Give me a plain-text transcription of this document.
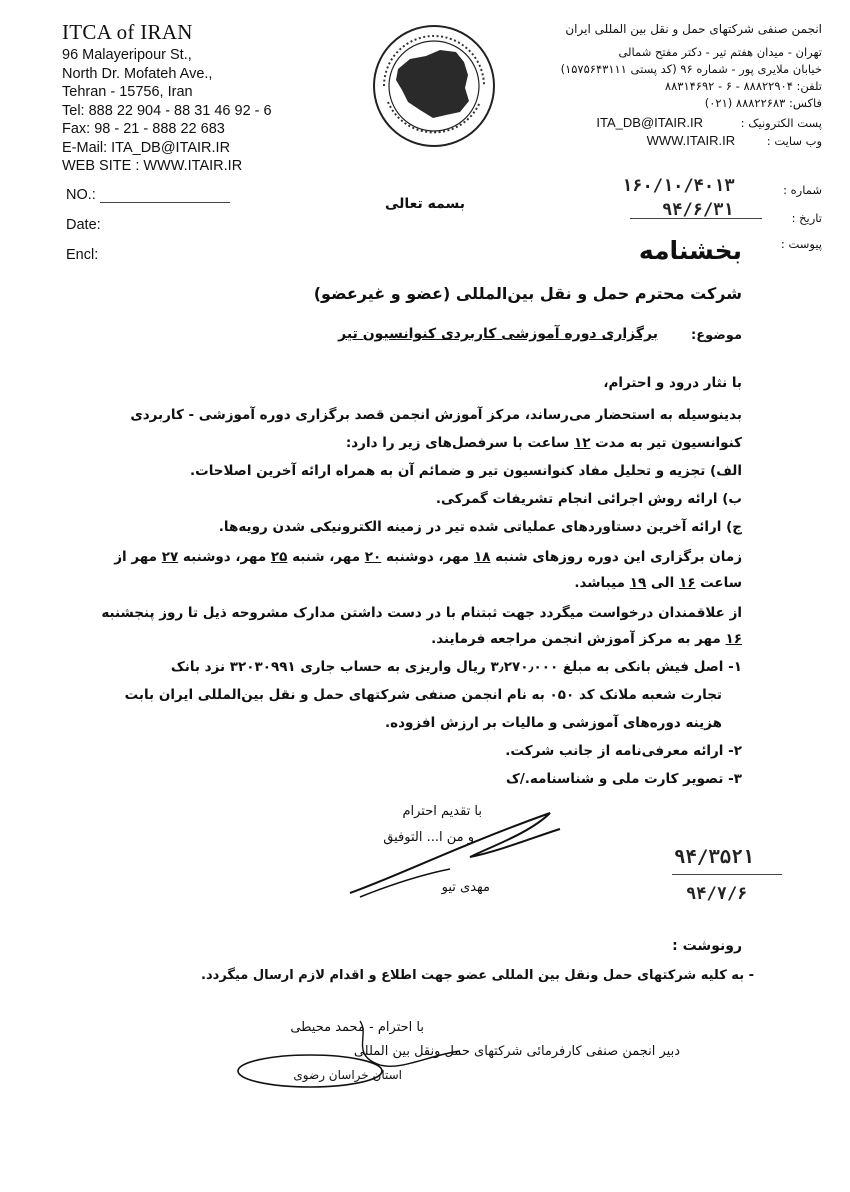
ITCA of IRAN
96 Malayeripour St.,
North Dr. Mofateh Ave.,
Tehran - 15756, Iran
Tel: 888 22 904 - 88 31 46 92 - 6
Fax: 98 - 21 - 888 22 683
E-Mail: ITA_DB@ITAIR.IR
WEB SITE : WWW.ITAIR.IR
انجمن صنفی شرکتهای حمل و نقل بین المللی ایران
تهران - میدان هفتم تیر - دکتر مفتح شمالی
خیابان ملایری پور - شماره ۹۶ (کد پستی ۱۵۷۵۶۴۳۱۱۱)
تلفن: ۸۸۸۲۲۹۰۴ - ۶ - ۸۸۳۱۴۶۹۲
فاکس: ۸۸۸۲۲۶۸۳ (۰۲۱)
پست الکترونیک : ITA_DB@ITAIR.IR
وب سایت : WWW.ITAIR.IR
NO.:
Date:
Encl:
بسمه تعالی
شماره :
تاریخ :
پیوست :
۱۶۰/۱۰/۴۰۱۳
۹۴/۶/۳۱
بخشنامه
شرکت محترم حمل و نقل بین‌المللی (عضو و غیرعضو)
موضوع:
برگزاری دوره آموزشی کاربردی کنوانسیون تیر
با نثار درود و احترام،
بدینوسیله به استحضار می‌رساند، مرکز آموزش انجمن قصد برگزاری دوره آموزشی - کاربردی
کنوانسیون تیر به مدت ۱۲ ساعت با سرفصل‌های زیر را دارد:
الف) تجزیه و تحلیل مفاد کنوانسیون تیر و ضمائم آن به همراه ارائه آخرین اصلاحات.
ب) ارائه روش اجرائی انجام تشریفات گمرکی.
ج) ارائه آخرین دستاوردهای عملیاتی شده تیر در زمینه الکترونیکی شدن رویه‌ها.
زمان برگزاری این دوره روزهای شنبه ۱۸ مهر، دوشنبه ۲۰ مهر، شنبه ۲۵ مهر، دوشنبه ۲۷ مهر از
ساعت ۱۶ الی ۱۹ میباشد.
از علاقمندان درخواست میگردد جهت ثبتنام با در دست داشتن مدارک مشروحه ذیل تا روز پنجشنبه
۱۶ مهر به مرکز آموزش انجمن مراجعه فرمایند.
۱- اصل فیش بانکی به مبلغ ۳٫۲۷۰٫۰۰۰ ریال واریزی به حساب جاری ۳۲۰۳۰۹۹۱ نزد بانک
تجارت شعبه ملانک کد ۰۵۰ به نام انجمن صنفی شرکتهای حمل و نقل بین‌المللی ایران بابت
هزینه دوره‌های آموزشی و مالیات بر ارزش افزوده.
۲- ارائه معرفی‌نامه از جانب شرکت.
۳- تصویر کارت ملی و شناسنامه./ک
با تقدیم احترام
و من ا... التوفیق
مهدی تیو
۹۴/۳۵۲۱
۹۴/۷/۶
رونوشت :
- به کلیه شرکتهای حمل ونقل بین المللی عضو جهت اطلاع و اقدام لازم ارسال میگردد.
با احترام - محمد محیطی
دبیر انجمن صنفی کارفرمائی شرکتهای حمل ونقل بین المللی
استان خراسان رضوی
